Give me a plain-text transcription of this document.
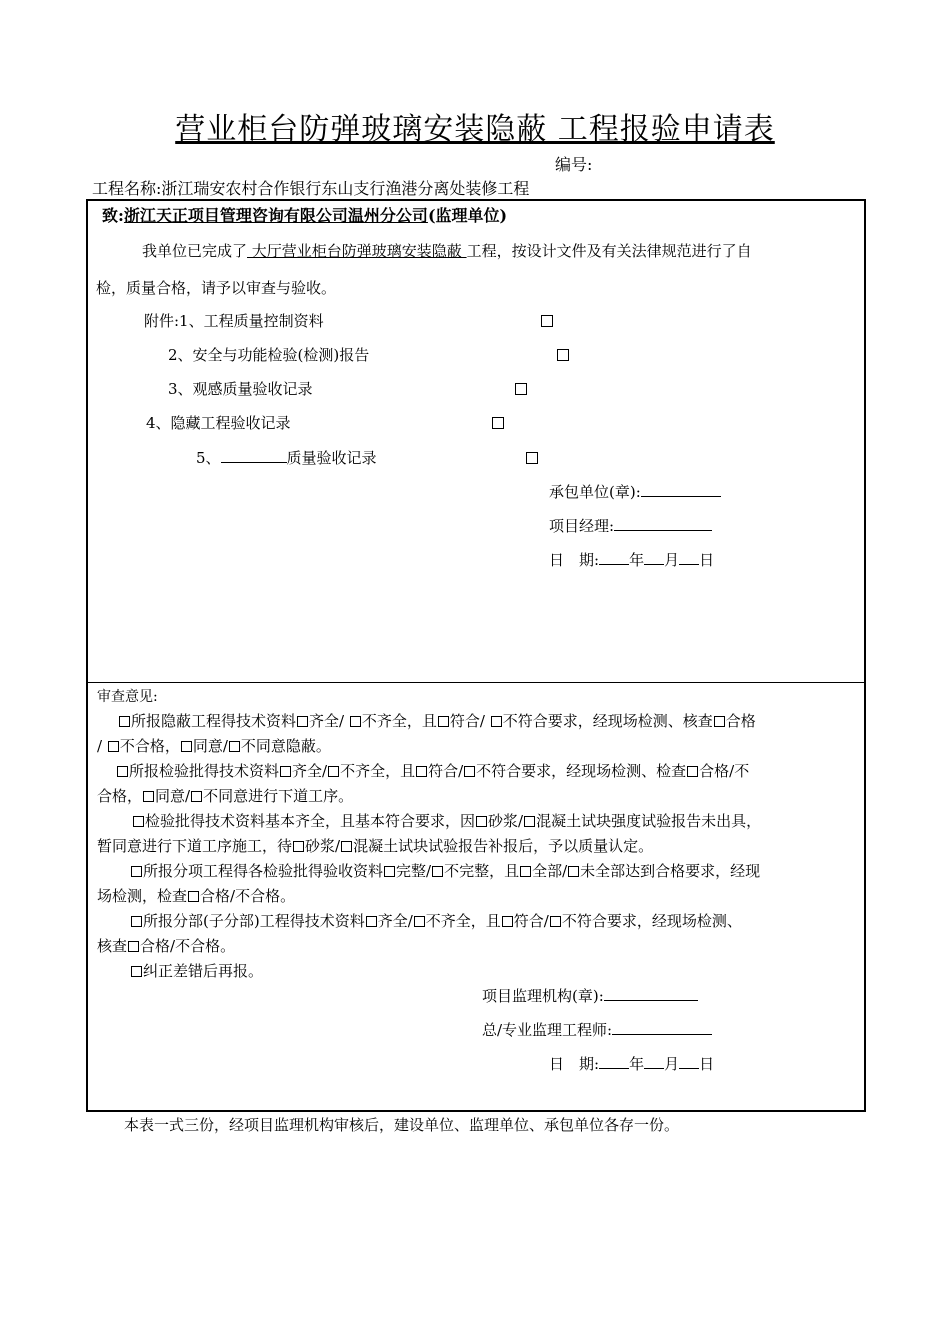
营业柜台防弹玻璃安装隐蔽 工程报验申请表
编号:
工程名称:浙江瑞安农村合作银行东山支行渔港分离处装修工程
致:浙江天正项目管理咨询有限公司温州分公司(监理单位)
我单位已完成了 大厅营业柜台防弹玻璃安装隐蔽 工程，按设计文件及有关法律规范进行了自
检，质量合格，请予以审查与验收。
附件:1、工程质量控制资料
2、安全与功能检验(检测)报告
3、观感质量验收记录
4、隐藏工程验收记录
5、	质量验收记录
承包单位(章):
项目经理:
日　期: 年 月 日
审查意见:
所报隐蔽工程得技术资料 齐全/ 不齐全，且 符合/ 不符合要求，经现场检测、核查 合格
/ 不合格， 同意/ 不同意隐蔽。
所报检验批得技术资料 齐全/ 不齐全，且 符合/ 不符合要求，经现场检测、检查 合格/不
合格， 同意/ 不同意进行下道工序。
检验批得技术资料基本齐全，且基本符合要求，因 砂浆/ 混凝土试块强度试验报告未出具，
暂同意进行下道工序施工，待 砂浆/ 混凝土试块试验报告补报后，予以质量认定。
所报分项工程得各检验批得验收资料 完整/ 不完整，且 全部/ 未全部达到合格要求，经现
场检测，检查 合格/不合格。
所报分部(子分部)工程得技术资料 齐全/ 不齐全，且 符合/ 不符合要求，经现场检测、
核查 合格/不合格。
纠正差错后再报。
项目监理机构(章):
总/专业监理工程师:
日　期: 年 月 日
本表一式三份，经项目监理机构审核后，建设单位、监理单位、承包单位各存一份。
